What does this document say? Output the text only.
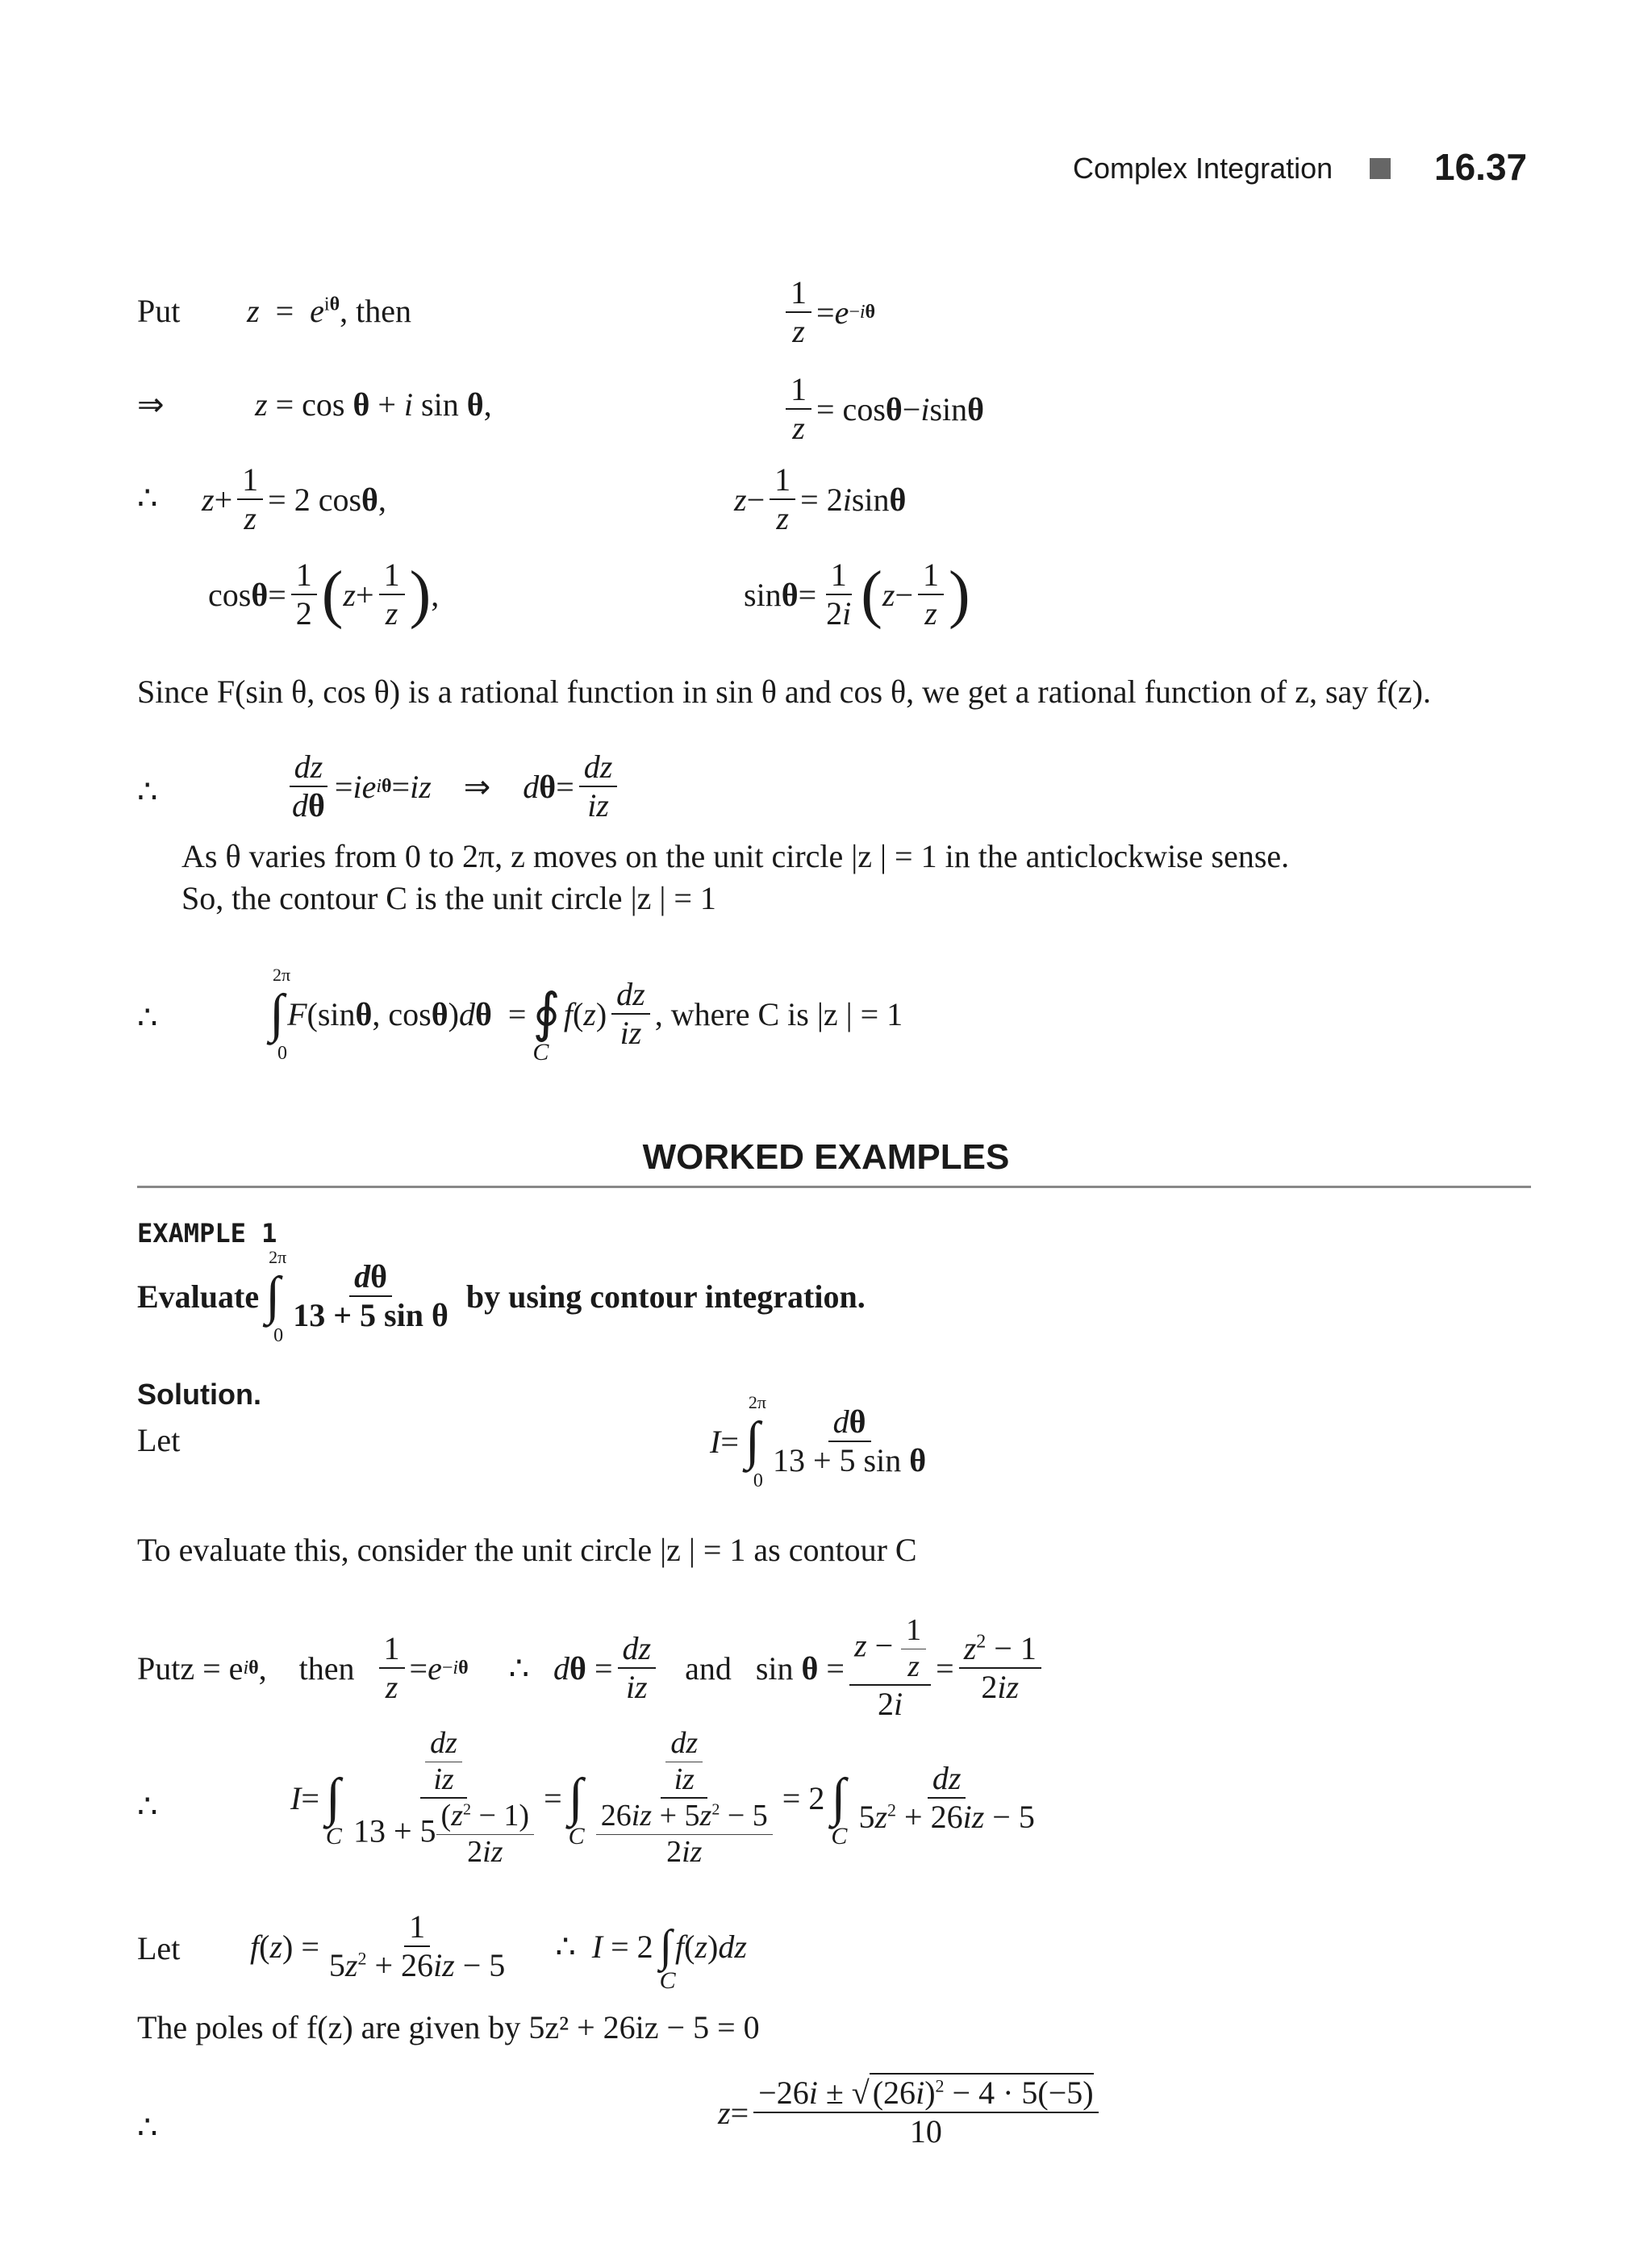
Complex Integration	16.37
Put $z = e^{i\theta}$, then	$\frac{1}{z} = e -i\theta$
⇒	z = cos θ + i sin θ,	$\frac{1}{z} = \cos \theta - i$ sin θ
∴ $z + \frac{1}{z} = 2$ cos θ ,	$z - \frac{1}{z} = 2$ i sin θ
$\cos \theta = \frac{1}{2}$ ( $z + \frac{1}{z}$ ) ,	$\sin \theta = \frac{1}{2i}$ ( $z - \frac{1}{z}$ )
Since F(sin θ, cos θ) is a rational function in sin θ and cos θ, we get a rational function of z, say f(z).
∴	$\frac{dz}{d\theta}$ = ie iθ = iz ⇒ d $\theta = \frac{dz}{iz}$
As θ varies from 0 to 2π, z moves on the unit circle |z | = 1 in the anticlockwise sense.
So, the contour C is the unit circle |z | = 1
∴ ∫
2π
0
F (sin θ , cos θ ) d θ = ∮
C
f ( z ) $\frac{dz}{iz}$ , where C is |z | = 1
WORKED EXAMPLES
EXAMPLE 1
Evaluate ∫
2π
0
$\frac{d\theta}{\text{13 + 5 sin θ}}$ by using contour integration.
Solution.
Let	I = ∫
2π
0
$\frac{d\theta}{\text{13 + 5 sin θ}}$
To evaluate this, consider the unit circle |z | = 1 as contour C
Putz = e iθ , then $\frac{1}{z} = e -i\theta$ ∴ $d\theta = \frac{dz}{iz}$ and $\sin \theta = \frac{z - \frac{1}{z}}{2i} = \frac{z^2 - 1}{2iz}$
∴	I = ∫
C $\frac{\frac{dz}{iz}}{13 + 5 \frac{(z^2 - 1)}{2iz}}$ = ∫
C $\frac{\frac{dz}{iz}}{\frac{26iz + 5z^2 - 5}{2iz}} = 2$ ∫
C
$\frac{dz}{5z^2 + 26iz - 5}$
Let f ( z ) = $\frac{1}{5z^2 + 26iz - 5}$ ∴ I = 2 ∫
C
f ( z ) dz
The poles of f(z) are given by 5z² + 26iz − 5 = 0
∴	$z = \frac{-26i \pm √ (26i)^2 - 4 \cdot 5(-5)}{10}$
